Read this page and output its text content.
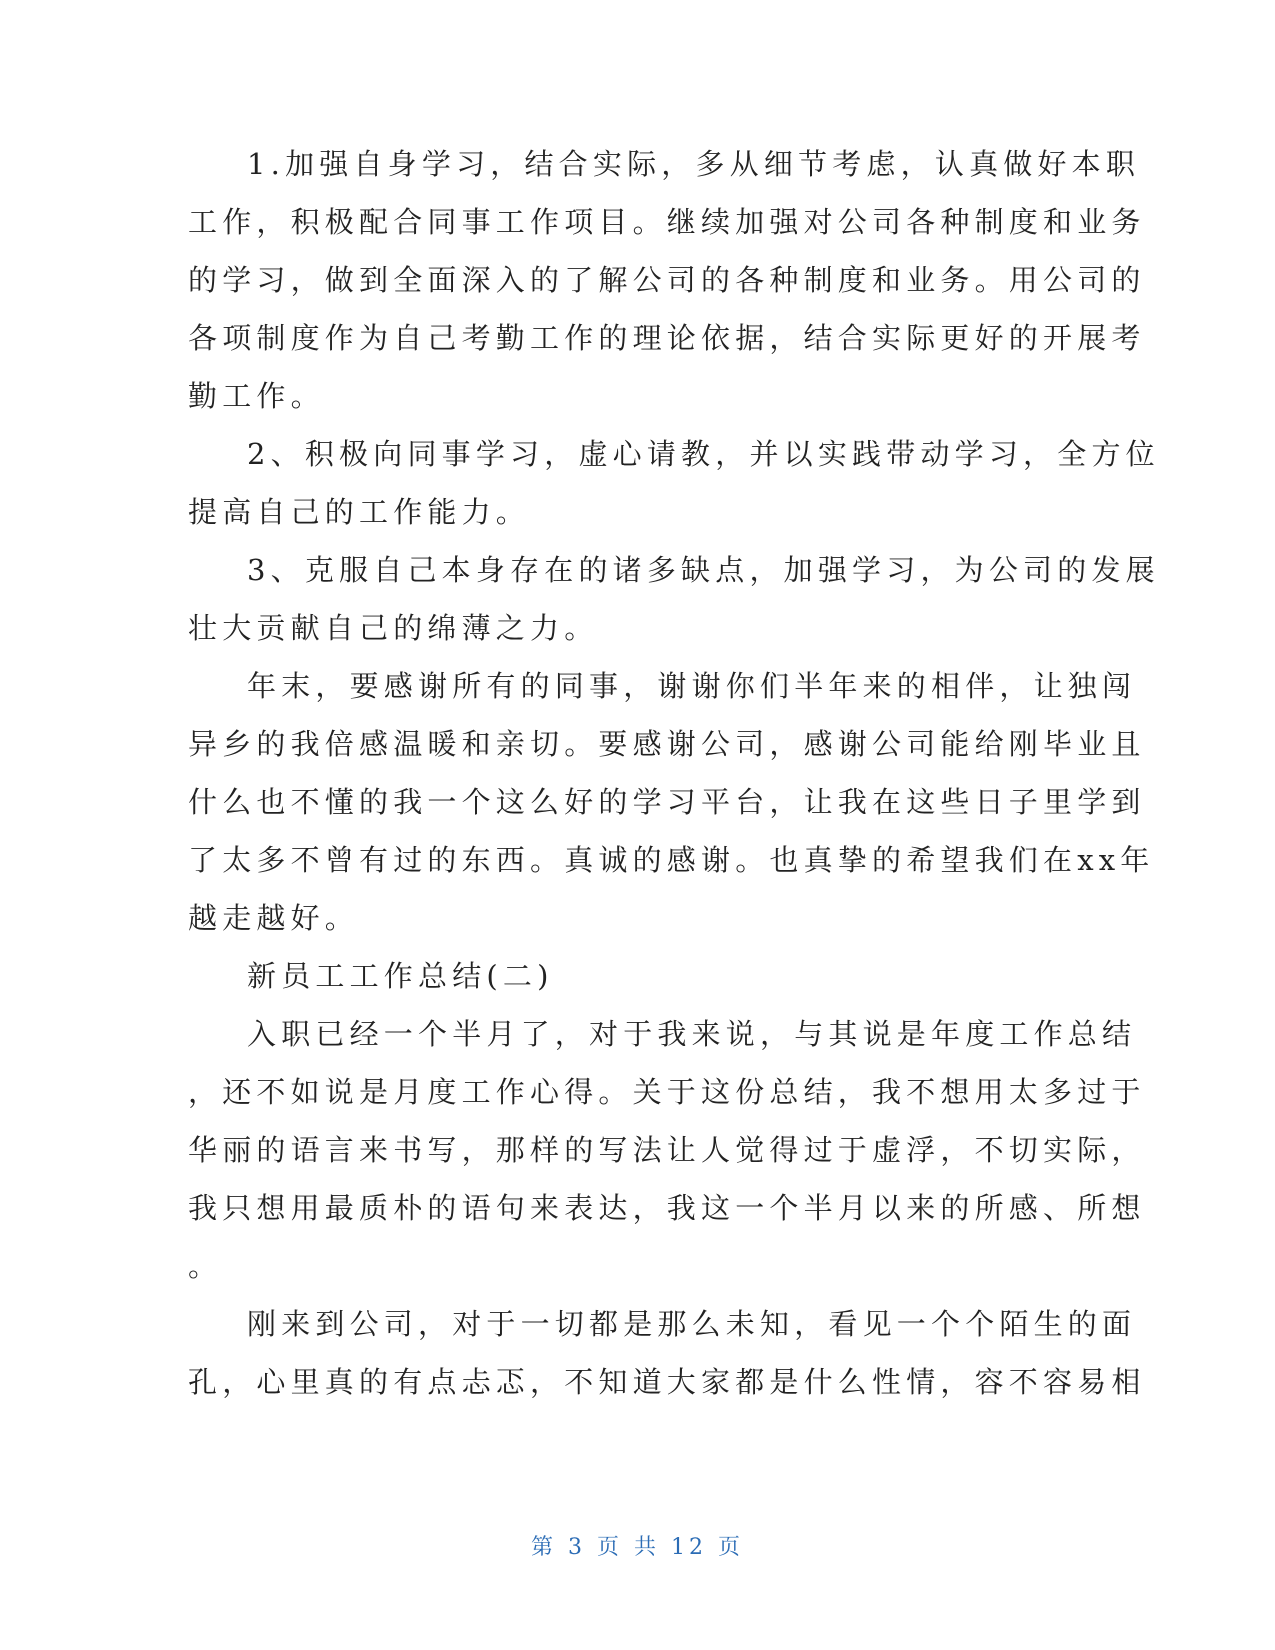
1.加强自身学习，结合实际，多从细节考虑，认真做好本职
工作，积极配合同事工作项目。继续加强对公司各种制度和业务
的学习，做到全面深入的了解公司的各种制度和业务。用公司的
各项制度作为自己考勤工作的理论依据，结合实际更好的开展考
勤工作。
2、积极向同事学习，虚心请教，并以实践带动学习，全方位
提高自己的工作能力。
3、克服自己本身存在的诸多缺点，加强学习，为公司的发展
壮大贡献自己的绵薄之力。
年末，要感谢所有的同事，谢谢你们半年来的相伴，让独闯
异乡的我倍感温暖和亲切。要感谢公司，感谢公司能给刚毕业且
什么也不懂的我一个这么好的学习平台，让我在这些日子里学到
了太多不曾有过的东西。真诚的感谢。也真挚的希望我们在xx年
越走越好。
新员工工作总结(二)
入职已经一个半月了，对于我来说，与其说是年度工作总结
，还不如说是月度工作心得。关于这份总结，我不想用太多过于
华丽的语言来书写，那样的写法让人觉得过于虚浮，不切实际，
我只想用最质朴的语句来表达，我这一个半月以来的所感、所想
。
刚来到公司，对于一切都是那么未知，看见一个个陌生的面
孔，心里真的有点忐忑，不知道大家都是什么性情，容不容易相
第 3 页 共 12 页
